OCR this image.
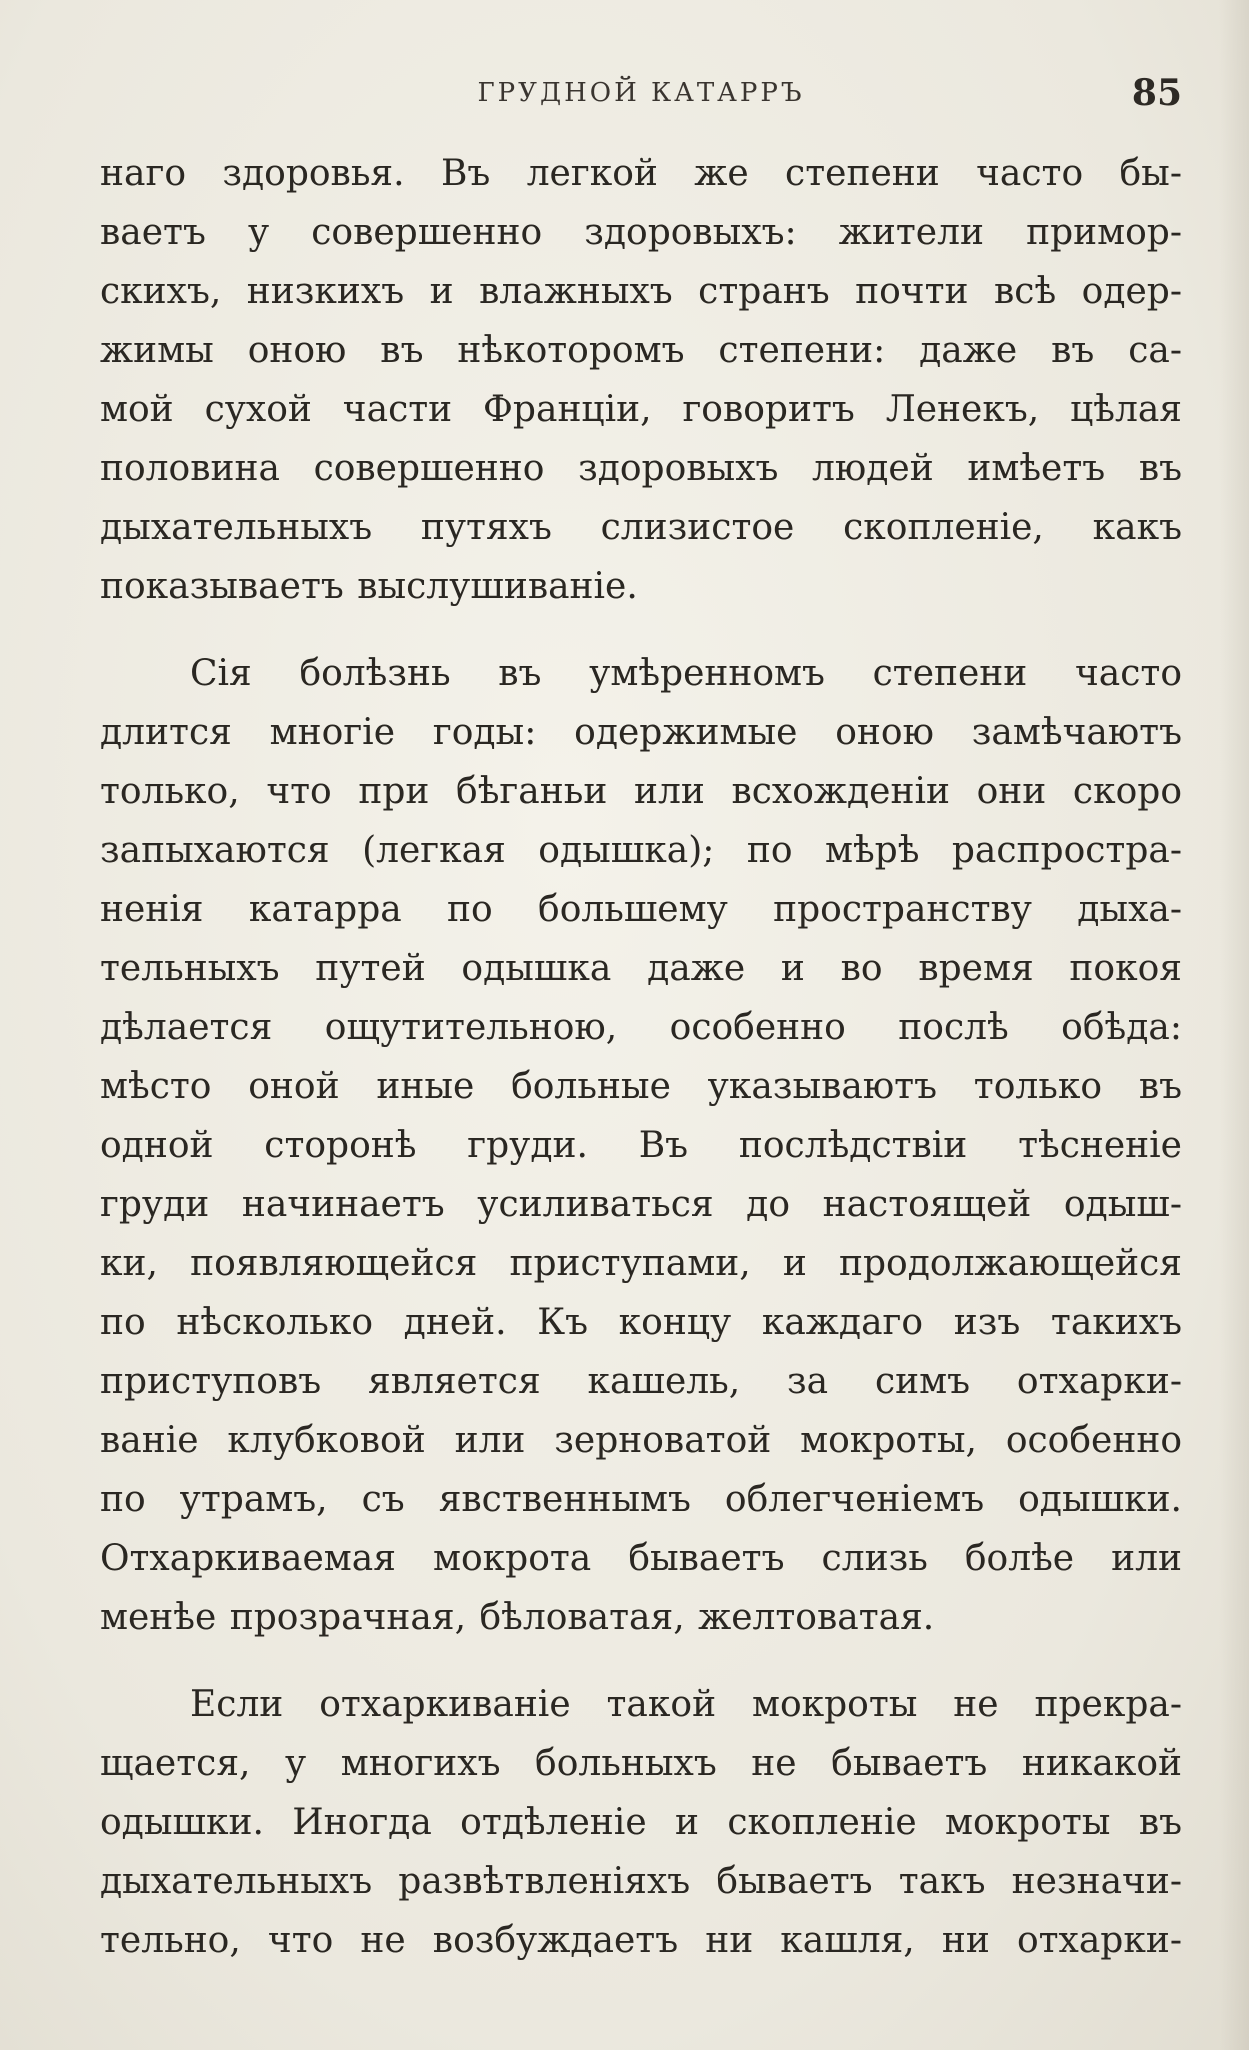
ГРУДНОЙ КАТАРРЪ	85

наго здоровья. Въ легкой же степени часто бы-
ваетъ у совершенно здоровыхъ: жители примор-
скихъ, низкихъ и влажныхъ странъ почти всѣ одер-
жимы оною въ нѣкоторомъ степени: даже въ са-
мой сухой части Франціи, говоритъ Ленекъ, цѣлая
половина совершенно здоровыхъ людей имѣетъ въ
дыхательныхъ путяхъ слизистое скопленіе, какъ
показываетъ выслушиваніе.

Сія болѣзнь въ умѣренномъ степени часто
длится многіе годы: одержимые оною замѣчаютъ
только, что при бѣганьи или всхожденіи они скоро
запыхаются (легкая одышка); по мѣрѣ распростра-
ненія катарра по большему пространству дыха-
тельныхъ путей одышка даже и во время покоя
дѣлается ощутительною, особенно послѣ обѣда:
мѣсто оной иные больные указываютъ только въ
одной сторонѣ груди. Въ послѣдствіи тѣсненіе
груди начинаетъ усиливаться до настоящей одыш-
ки, появляющейся приступами, и продолжающейся
по нѣсколько дней. Къ концу каждаго изъ такихъ
приступовъ является кашель, за симъ отхарки-
ваніе клубковой или зерноватой мокроты, особенно
по утрамъ, съ явственнымъ облегченіемъ одышки.
Отхаркиваемая мокрота бываетъ слизь болѣе или
менѣе прозрачная, бѣловатая, желтоватая.

Если отхаркиваніе такой мокроты не прекра-
щается, у многихъ больныхъ не бываетъ никакой
одышки. Иногда отдѣленіе и скопленіе мокроты въ
дыхательныхъ развѣтвленіяхъ бываетъ такъ незначи-
тельно, что не возбуждаетъ ни кашля, ни отхарки-
